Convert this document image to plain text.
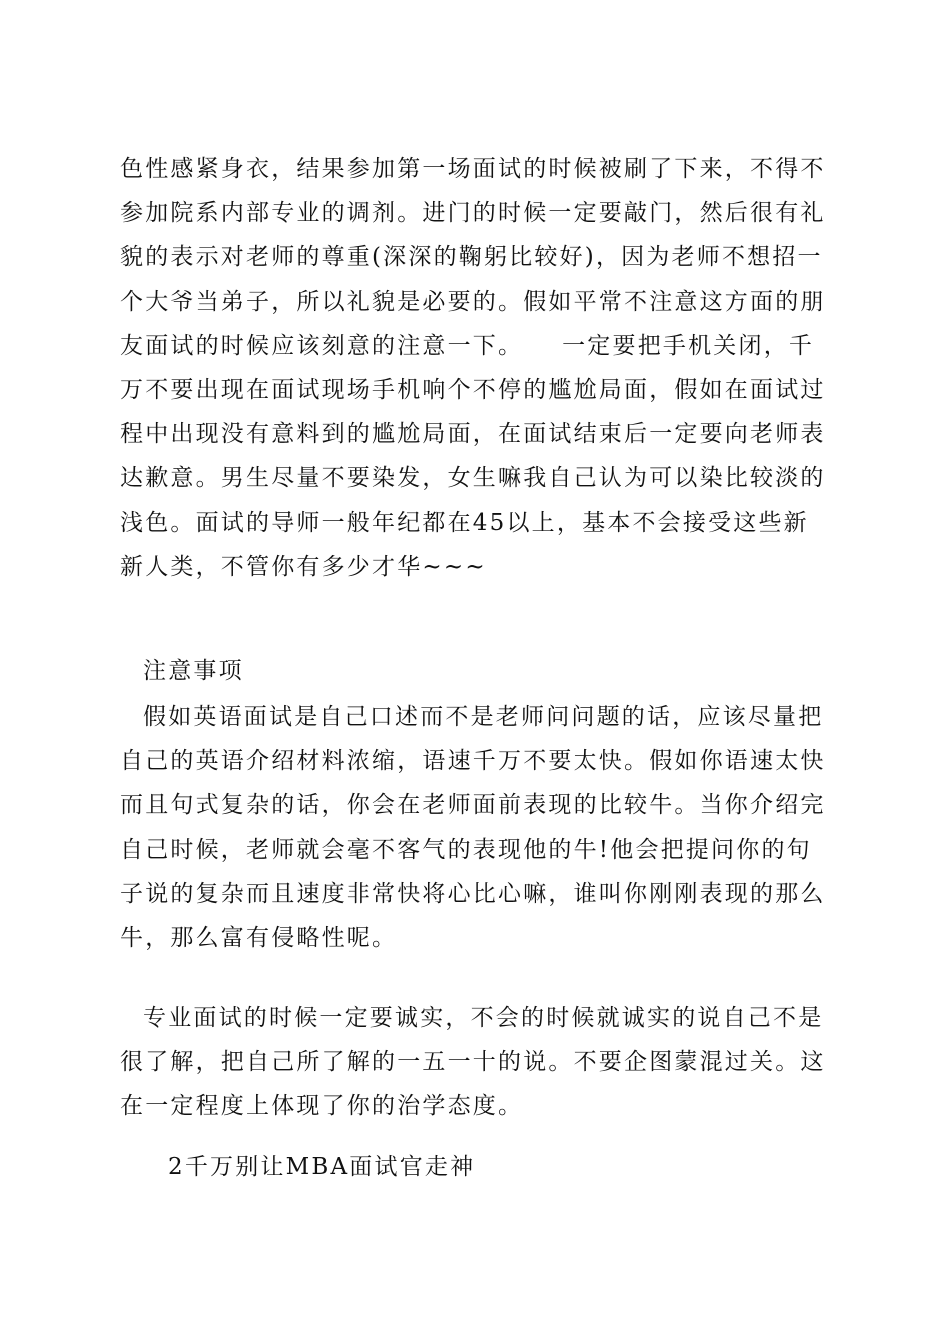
色性感紧身衣，结果参加第一场面试的时候被刷了下来，不得不
参加院系内部专业的调剂。进门的时候一定要敲门，然后很有礼
貌的表示对老师的尊重(深深的鞠躬比较好)，因为老师不想招一
个大爷当弟子，所以礼貌是必要的。假如平常不注意这方面的朋
友面试的时候应该刻意的注意一下。　　一定要把手机关闭，千
万不要出现在面试现场手机响个不停的尴尬局面，假如在面试过
程中出现没有意料到的尴尬局面，在面试结束后一定要向老师表
达歉意。男生尽量不要染发，女生嘛我自己认为可以染比较淡的
浅色。面试的导师一般年纪都在45以上，基本不会接受这些新
新人类，不管你有多少才华~~~
注意事项
假如英语面试是自己口述而不是老师问问题的话，应该尽量把
自己的英语介绍材料浓缩，语速千万不要太快。假如你语速太快
而且句式复杂的话，你会在老师面前表现的比较牛。当你介绍完
自己时候，老师就会毫不客气的表现他的牛!他会把提问你的句
子说的复杂而且速度非常快将心比心嘛，谁叫你刚刚表现的那么
牛，那么富有侵略性呢。
专业面试的时候一定要诚实，不会的时候就诚实的说自己不是
很了解，把自己所了解的一五一十的说。不要企图蒙混过关。这
在一定程度上体现了你的治学态度。
2千万别让MBA面试官走神
